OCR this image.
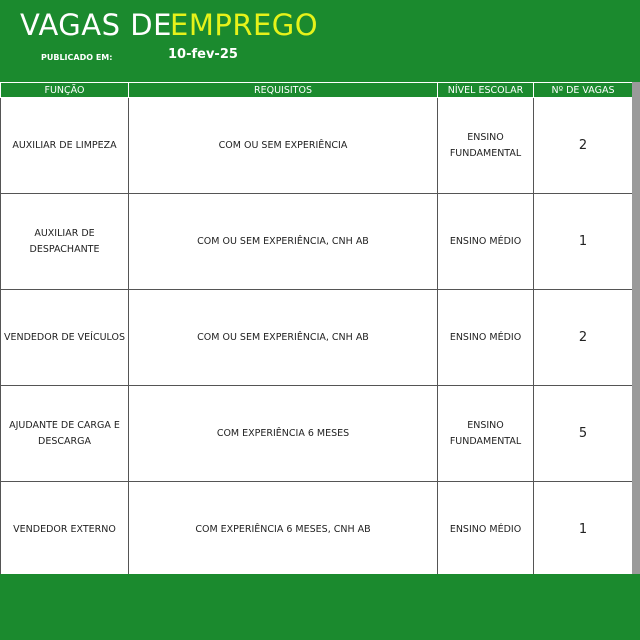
VAGAS DE
EMPREGO
PUBLICADO EM:	10-fev-25
FUNÇÃO	REQUISITOS	NÍVEL ESCOLAR	Nº DE VAGAS
AUXILIAR DE LIMPEZA	COM OU SEM EXPERIÊNCIA	ENSINO FUNDAMENTAL	2
AUXILIAR DE DESPACHANTE	COM OU SEM EXPERIÊNCIA, CNH AB	ENSINO MÉDIO	1
VENDEDOR DE VEÍCULOS	COM OU SEM EXPERIÊNCIA, CNH AB	ENSINO MÉDIO	2
AJUDANTE DE CARGA E DESCARGA	COM EXPERIÊNCIA 6 MESES	ENSINO FUNDAMENTAL	5
VENDEDOR EXTERNO	COM EXPERIÊNCIA 6 MESES, CNH AB	ENSINO MÉDIO	1
